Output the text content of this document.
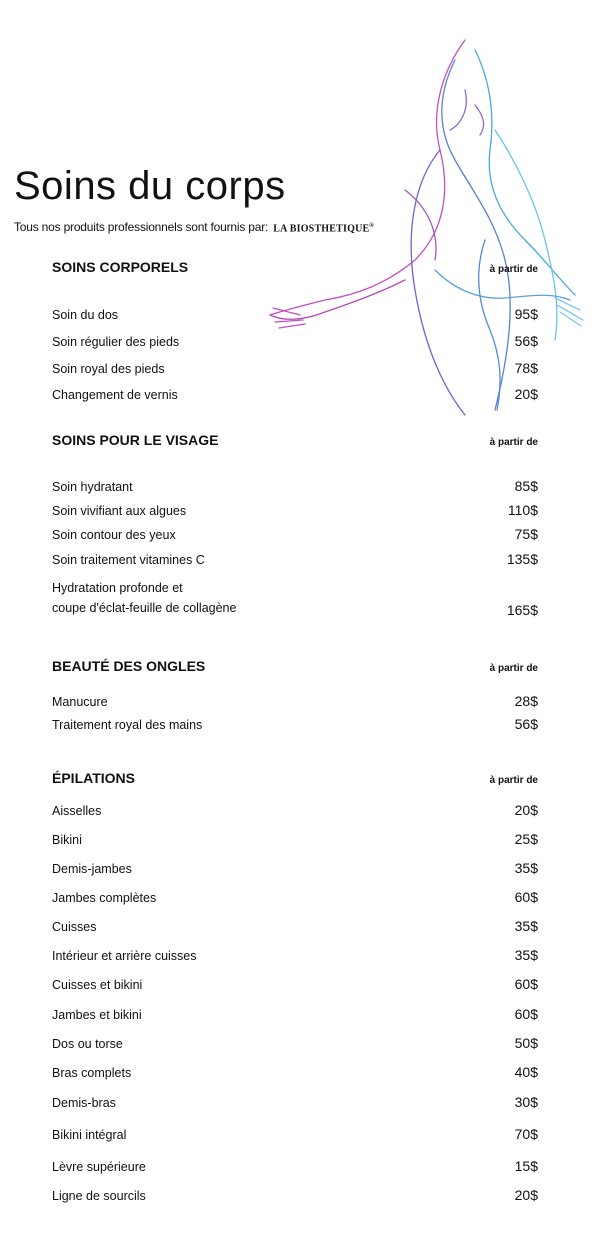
Soins du corps
Tous nos produits professionnels sont fournis par: LA BIOSTHETIQUE®
SOINS CORPORELS	à partir de
Soin du dos	95$
Soin régulier des pieds	56$
Soin royal des pieds	78$
Changement de vernis	20$
SOINS POUR LE VISAGE	à partir de
Soin hydratant	85$
Soin vivifiant aux algues	110$
Soin contour des yeux	75$
Soin traitement vitamines C	135$
Hydratation profonde et
coupe d'éclat-feuille de collagène	165$
BEAUTÉ DES ONGLES	à partir de
Manucure	28$
Traitement royal des mains	56$
ÉPILATIONS	à partir de
Aisselles	20$
Bikini	25$
Demis-jambes	35$
Jambes complètes	60$
Cuisses	35$
Intérieur et arrière cuisses	35$
Cuisses et bikini	60$
Jambes et bikini	60$
Dos ou torse	50$
Bras complets	40$
Demis-bras	30$
Bikini intégral	70$
Lèvre supérieure	15$
Ligne de sourcils	20$
